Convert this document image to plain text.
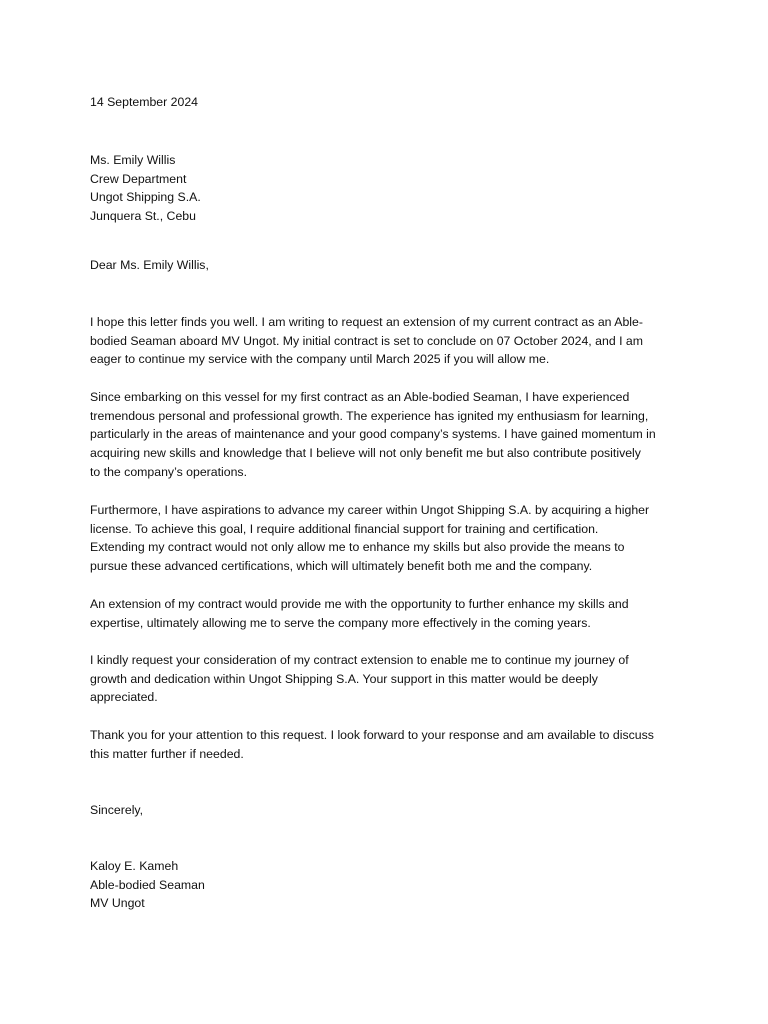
14 September 2024

Ms. Emily Willis
Crew Department
Ungot Shipping S.A.
Junquera St., Cebu

Dear Ms. Emily Willis,

I hope this letter finds you well. I am writing to request an extension of my current contract as an Able-
bodied Seaman aboard MV Ungot. My initial contract is set to conclude on 07 October 2024, and I am
eager to continue my service with the company until March 2025 if you will allow me.

Since embarking on this vessel for my first contract as an Able-bodied Seaman, I have experienced
tremendous personal and professional growth. The experience has ignited my enthusiasm for learning,
particularly in the areas of maintenance and your good company’s systems. I have gained momentum in
acquiring new skills and knowledge that I believe will not only benefit me but also contribute positively
to the company’s operations.

Furthermore, I have aspirations to advance my career within Ungot Shipping S.A. by acquiring a higher
license. To achieve this goal, I require additional financial support for training and certification.
Extending my contract would not only allow me to enhance my skills but also provide the means to
pursue these advanced certifications, which will ultimately benefit both me and the company.

An extension of my contract would provide me with the opportunity to further enhance my skills and
expertise, ultimately allowing me to serve the company more effectively in the coming years.

I kindly request your consideration of my contract extension to enable me to continue my journey of
growth and dedication within Ungot Shipping S.A. Your support in this matter would be deeply
appreciated.

Thank you for your attention to this request. I look forward to your response and am available to discuss
this matter further if needed.

Sincerely,

Kaloy E. Kameh
Able-bodied Seaman
MV Ungot
